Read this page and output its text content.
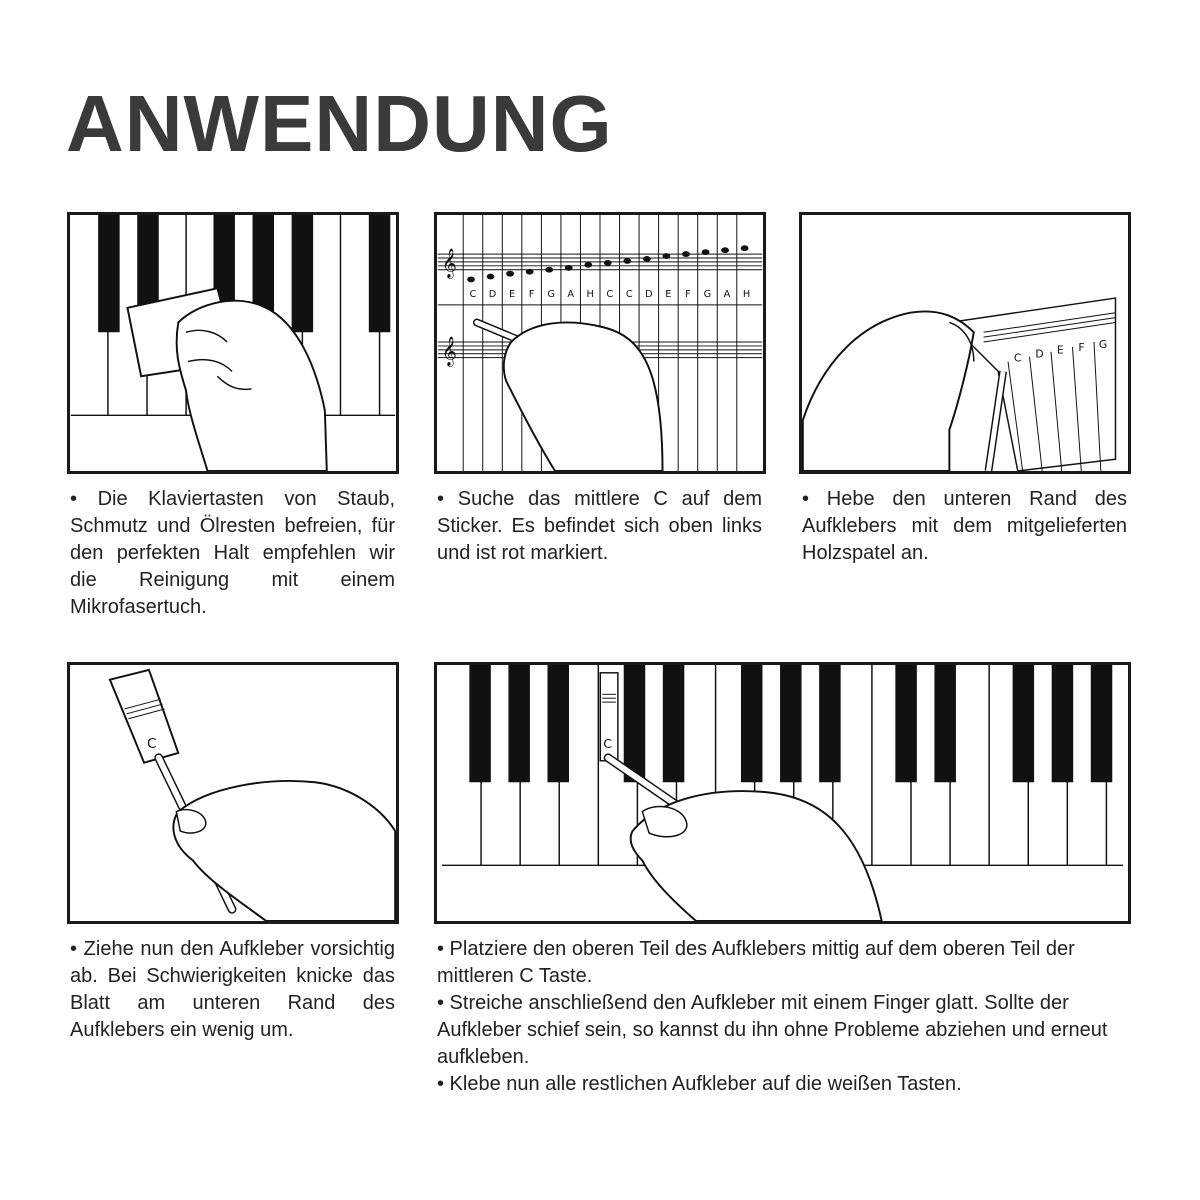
ANWENDUNG

• Die Klaviertasten von Staub, Schmutz und Ölresten befreien, für den perfekten Halt empfehlen wir die Reinigung mit einem Mikrofasertuch.

𝄞
𝄞
C D E F G A H C C D E F G A H

• Suche das mittlere C auf dem Sticker. Es befindet sich oben links und ist rot markiert.

C D E F G

• Hebe den unteren Rand des Aufklebers mit dem mitgelieferten Holzspatel an.

C

• Ziehe nun den Aufkleber vorsichtig ab. Bei Schwierigkeiten knicke das Blatt am unteren Rand des Aufklebers ein wenig um.

C

• Platziere den oberen Teil des Aufklebers mittig auf dem oberen Teil der mittleren C Taste.

• Streiche anschließend den Aufkleber mit einem Finger glatt. Sollte der Aufkleber schief sein, so kannst du ihn ohne Probleme abziehen und erneut aufkleben.

• Klebe nun alle restlichen Aufkleber auf die weißen Tasten.
